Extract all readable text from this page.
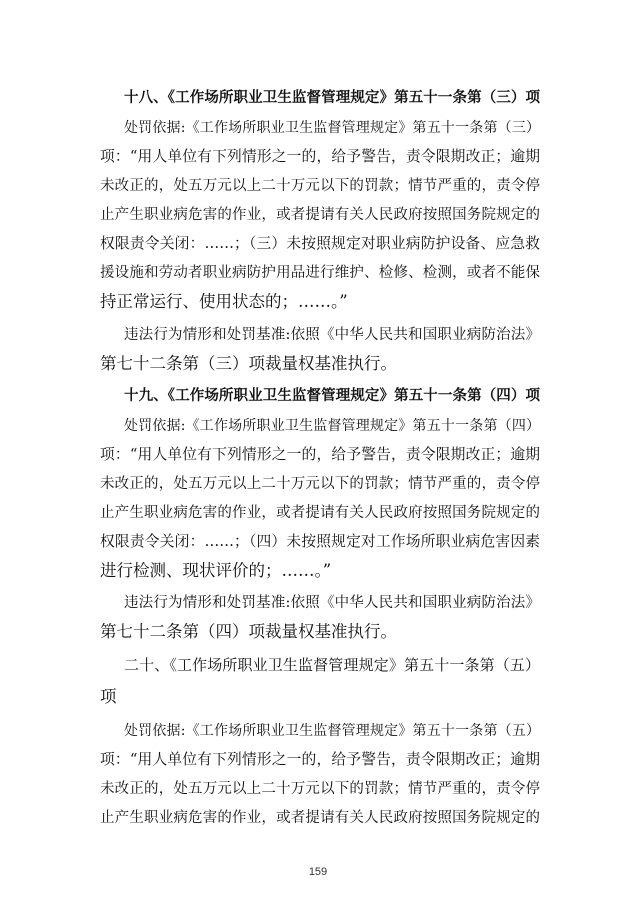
十八、《工作场所职业卫生监督管理规定》第五十一条第（三）项
处罚依据:《工作场所职业卫生监督管理规定》第五十一条第（三）
项：“用人单位有下列情形之一的，给予警告，责令限期改正；逾期
未改正的，处五万元以上二十万元以下的罚款；情节严重的，责令停
止产生职业病危害的作业，或者提请有关人民政府按照国务院规定的
权限责令关闭：……；（三）未按照规定对职业病防护设备、应急救
援设施和劳动者职业病防护用品进行维护、检修、检测，或者不能保
持正常运行、使用状态的；……。”
违法行为情形和处罚基准:依照《中华人民共和国职业病防治法》
第七十二条第（三）项裁量权基准执行。
十九、《工作场所职业卫生监督管理规定》第五十一条第（四）项
处罚依据:《工作场所职业卫生监督管理规定》第五十一条第（四）
项：“用人单位有下列情形之一的，给予警告，责令限期改正；逾期
未改正的，处五万元以上二十万元以下的罚款；情节严重的，责令停
止产生职业病危害的作业，或者提请有关人民政府按照国务院规定的
权限责令关闭：……；（四）未按照规定对工作场所职业病危害因素
进行检测、现状评价的；……。”
违法行为情形和处罚基准:依照《中华人民共和国职业病防治法》
第七十二条第（四）项裁量权基准执行。
二十、《工作场所职业卫生监督管理规定》第五十一条第（五）
项
处罚依据:《工作场所职业卫生监督管理规定》第五十一条第（五）
项：“用人单位有下列情形之一的，给予警告，责令限期改正；逾期
未改正的，处五万元以上二十万元以下的罚款；情节严重的，责令停
止产生职业病危害的作业，或者提请有关人民政府按照国务院规定的
159
